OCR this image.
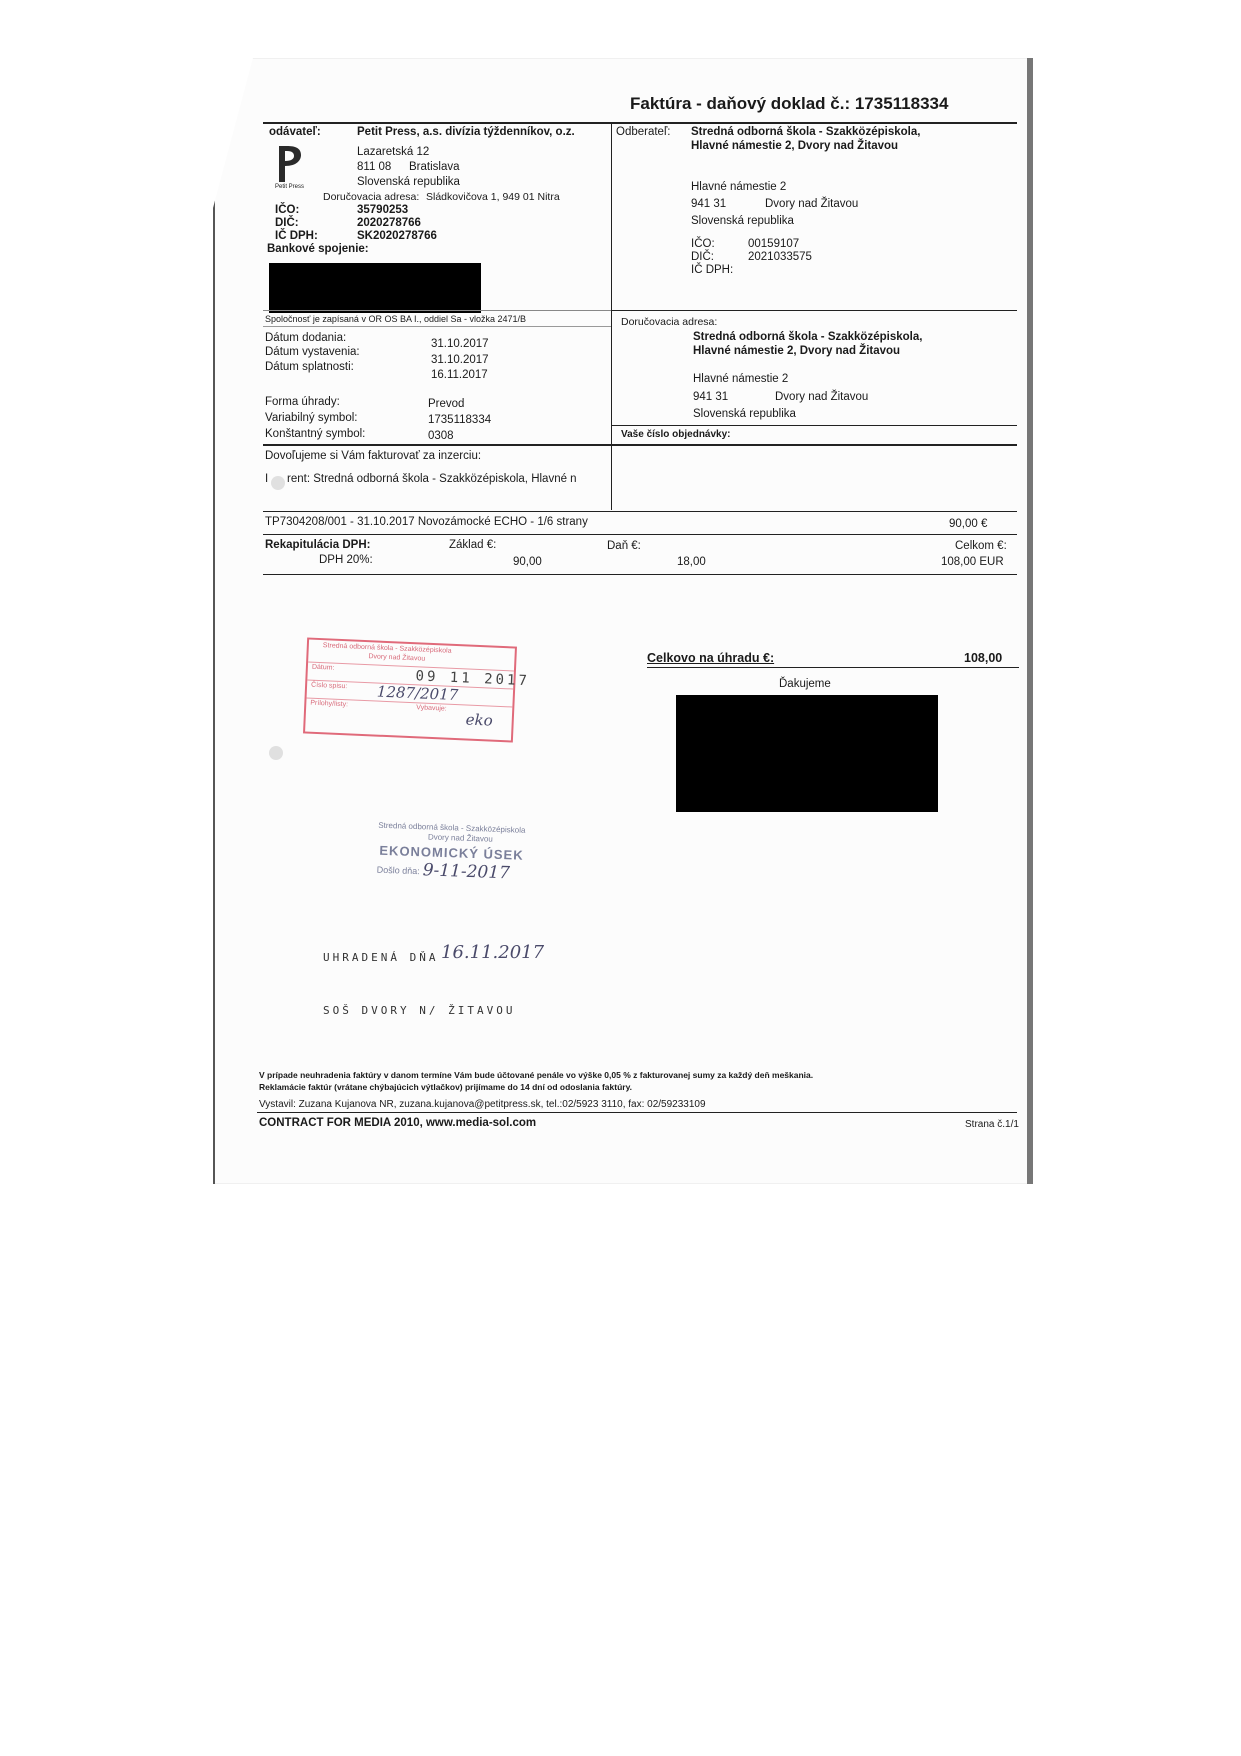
Faktúra - daňový doklad č.: 1735118334
odávateľ:	Petit Press, a.s. divízia týždenníkov, o.z.
Petit Press
Lazaretská 12
811 08 Bratislava
Slovenská republika
Doručovacia adresa: Sládkovičova 1, 949 01 Nitra
IČO:	35790253
DIČ:	2020278766
IČ DPH:	SK2020278766
Bankové spojenie:
Spoločnosť je zapísaná v OR OS BA I., oddiel Sa - vložka 2471/B
Odberateľ: Stredná odborná škola - Szakközépiskola,
Hlavné námestie 2, Dvory nad Žitavou
Hlavné námestie 2
941 31	Dvory nad Žitavou
Slovenská republika
IČO:	00159107
DIČ:	2021033575
IČ DPH:
Doručovacia adresa:
Stredná odborná škola - Szakközépiskola,
Hlavné námestie 2, Dvory nad Žitavou
Hlavné námestie 2
941 31	Dvory nad Žitavou
Slovenská republika
Vaše číslo objednávky:
Dátum dodania:	31.10.2017
Dátum vystavenia:
31.10.2017
Dátum splatnosti:
16.11.2017
Forma úhrady:	Prevod
Variabilný symbol:	1735118334
Konštantný symbol:	0308
Dovoľujeme si Vám fakturovať za inzerciu:
I rent: Stredná odborná škola - Szakközépiskola, Hlavné n
TP7304208/001 - 31.10.2017 Novozámocké ECHO - 1/6 strany	90,00 €
Rekapitulácia DPH:	Základ €:	Daň €:	Celkom €:
DPH 20%:	90,00	18,00	108,00 EUR
Celkovo na úhradu €:	108,00
Ďakujeme
Stredná odborná škola - Szakközépiskola
Dvory nad Žitavou
Dátum:
09 11 2017
Číslo spisu: 1287/2017
Prílohy/listy:
Vybavuje:
eko
Stredná odborná škola - Szakközépiskola
Dvory nad Žitavou
EKONOMICKÝ ÚSEK
Došlo dňa: 9-11-2017
UHRADENÁ DŇA 16.11.2017
SOŠ DVORY N/ ŽITAVOU
V prípade neuhradenia faktúry v danom termíne Vám bude účtované penále vo výške 0,05 % z fakturovanej sumy za každý deň meškania.
Reklamácie faktúr (vrátane chýbajúcich výtlačkov) prijímame do 14 dní od odoslania faktúry.
Vystavil: Zuzana Kujanova NR, zuzana.kujanova@petitpress.sk, tel.:02/5923 3110, fax: 02/59233109
CONTRACT FOR MEDIA 2010, www.media-sol.com	Strana č.1/1
